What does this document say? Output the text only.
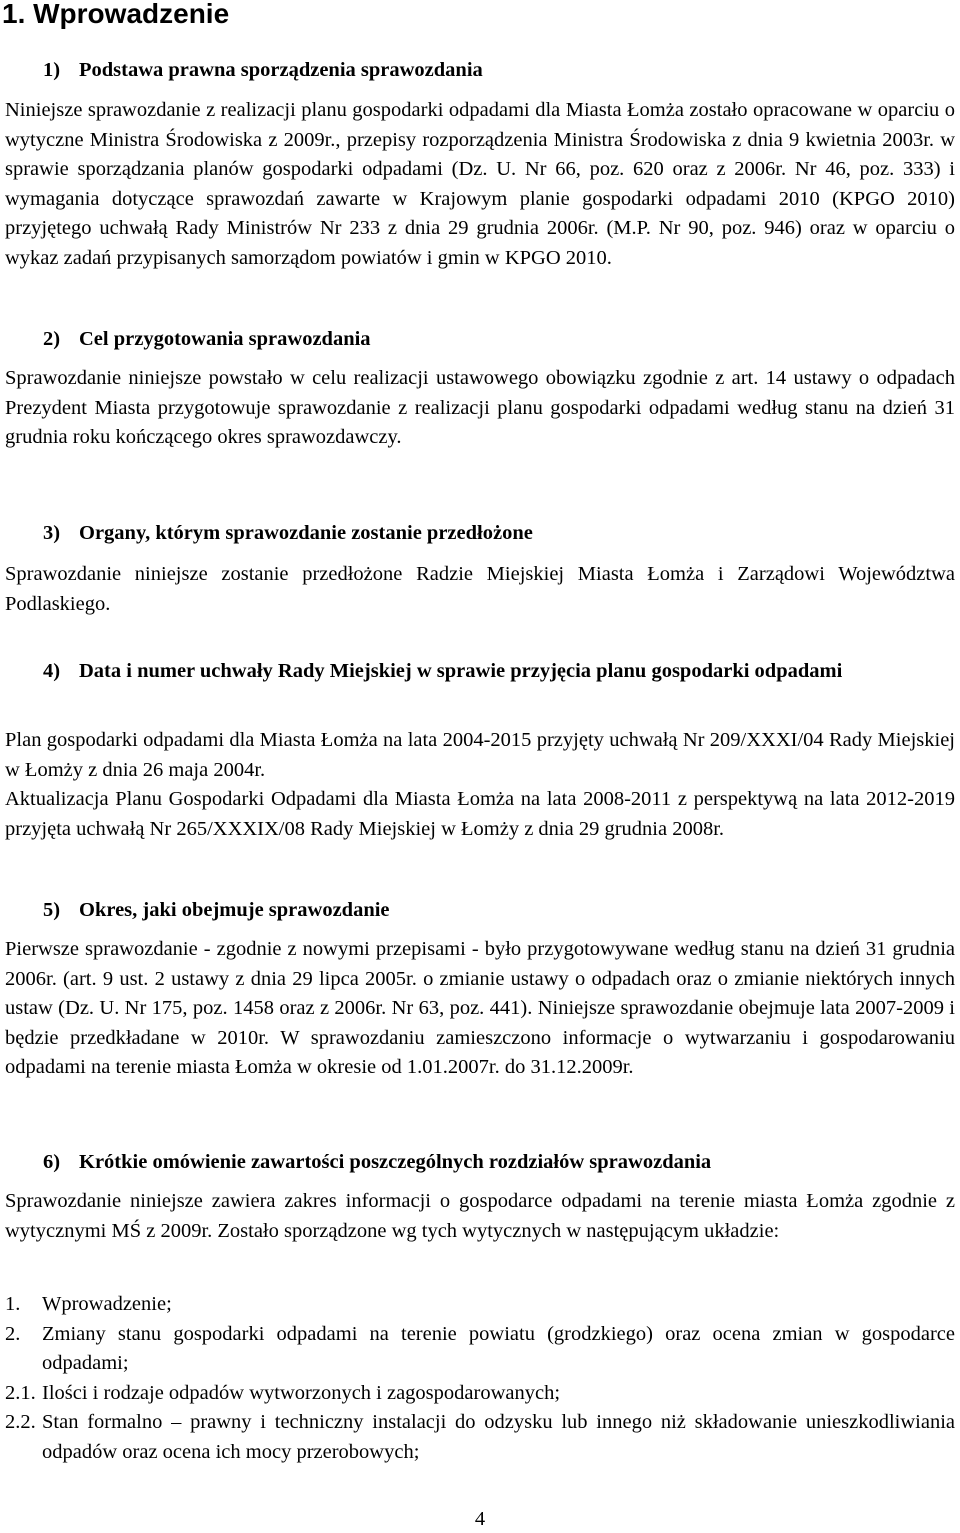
1. Wprowadzenie
1) Podstawa prawna sporządzenia sprawozdania

Niniejsze sprawozdanie z realizacji planu gospodarki odpadami dla Miasta Łomża zostało opracowane w oparciu o wytyczne Ministra Środowiska z 2009r., przepisy rozporządzenia Ministra Środowiska z dnia 9 kwietnia 2003r. w sprawie sporządzania planów gospodarki odpadami (Dz. U. Nr 66, poz. 620 oraz z 2006r. Nr 46, poz. 333) i wymagania dotyczące sprawozdań zawarte w Krajowym planie gospodarki odpadami 2010 (KPGO 2010) przyjętego uchwałą Rady Ministrów Nr 233 z dnia 29 grudnia 2006r. (M.P. Nr 90, poz. 946) oraz w oparciu o wykaz zadań przypisanych samorządom powiatów i gmin w KPGO 2010.

2) Cel przygotowania sprawozdania

Sprawozdanie niniejsze powstało w celu realizacji ustawowego obowiązku zgodnie z art. 14 ustawy o odpadach Prezydent Miasta przygotowuje sprawozdanie z realizacji planu gospodarki odpadami według stanu na dzień 31 grudnia roku kończącego okres sprawozdawczy.

3) Organy, którym sprawozdanie zostanie przedłożone

Sprawozdanie niniejsze zostanie przedłożone Radzie Miejskiej Miasta Łomża i Zarządowi Województwa Podlaskiego.

4) Data i numer uchwały Rady Miejskiej w sprawie przyjęcia planu gospodarki odpadami

Plan gospodarki odpadami dla Miasta Łomża na lata 2004-2015 przyjęty uchwałą Nr 209/XXXI/04 Rady Miejskiej w Łomży z dnia 26 maja 2004r.

Aktualizacja Planu Gospodarki Odpadami dla Miasta Łomża na lata 2008-2011 z perspektywą na lata 2012-2019 przyjęta uchwałą Nr 265/XXXIX/08 Rady Miejskiej w Łomży z dnia 29 grudnia 2008r.

5) Okres, jaki obejmuje sprawozdanie

Pierwsze sprawozdanie - zgodnie z nowymi przepisami - było przygotowywane według stanu na dzień 31 grudnia 2006r. (art. 9 ust. 2 ustawy z dnia 29 lipca 2005r. o zmianie ustawy o odpadach oraz o zmianie niektórych innych ustaw (Dz. U. Nr 175, poz. 1458 oraz z 2006r. Nr 63, poz. 441). Niniejsze sprawozdanie obejmuje lata 2007-2009 i będzie przedkładane w 2010r. W sprawozdaniu zamieszczono informacje o wytwarzaniu i gospodarowaniu odpadami na terenie miasta Łomża w okresie od 1.01.2007r. do 31.12.2009r.

6) Krótkie omówienie zawartości poszczególnych rozdziałów sprawozdania

Sprawozdanie niniejsze zawiera zakres informacji o gospodarce odpadami na terenie miasta Łomża zgodnie z wytycznymi MŚ z 2009r. Zostało sporządzone wg tych wytycznych w następującym układzie:

1.	Wprowadzenie;
2.	Zmiany stanu gospodarki odpadami na terenie powiatu (grodzkiego) oraz ocena zmian w gospodarce odpadami;
2.1. Ilości i rodzaje odpadów wytworzonych i zagospodarowanych;
2.2. Stan formalno – prawny i techniczny instalacji do odzysku lub innego niż składowanie unieszkodliwiania odpadów oraz ocena ich mocy przerobowych;
4
